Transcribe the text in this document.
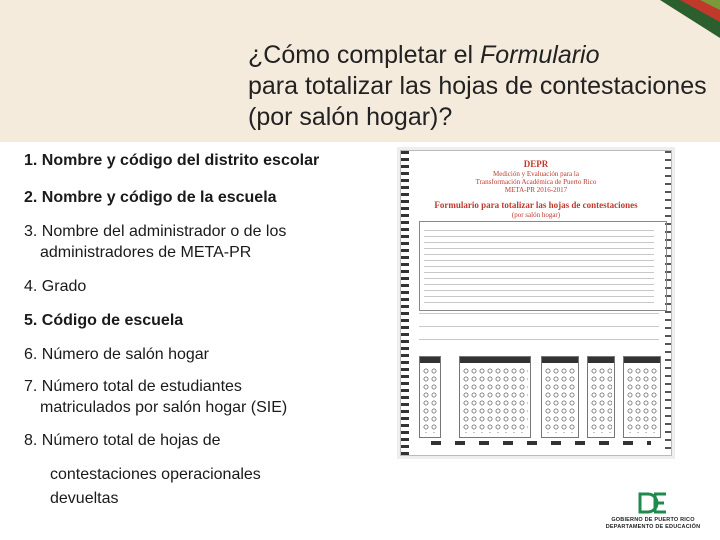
¿Cómo completar el Formulario
para totalizar las hojas de contestaciones (por salón hogar)?
1. Nombre y código del distrito escolar
2. Nombre y código de la escuela
3. Nombre del administrador o de los
administradores de META-PR
4. Grado
5. Código de escuela
6. Número de salón hogar
7. Número total de estudiantes
matriculados por salón hogar (SIE)
8. Número total de hojas de
contestaciones operacionales
devueltas
DEPR
Medición y Evaluación para la
Transformación Académica de Puerto Rico
META-PR 2016-2017
Formulario para totalizar las hojas de contestaciones
(por salón hogar)
GOBIERNO DE PUERTO RICO
DEPARTAMENTO DE EDUCACIÓN
